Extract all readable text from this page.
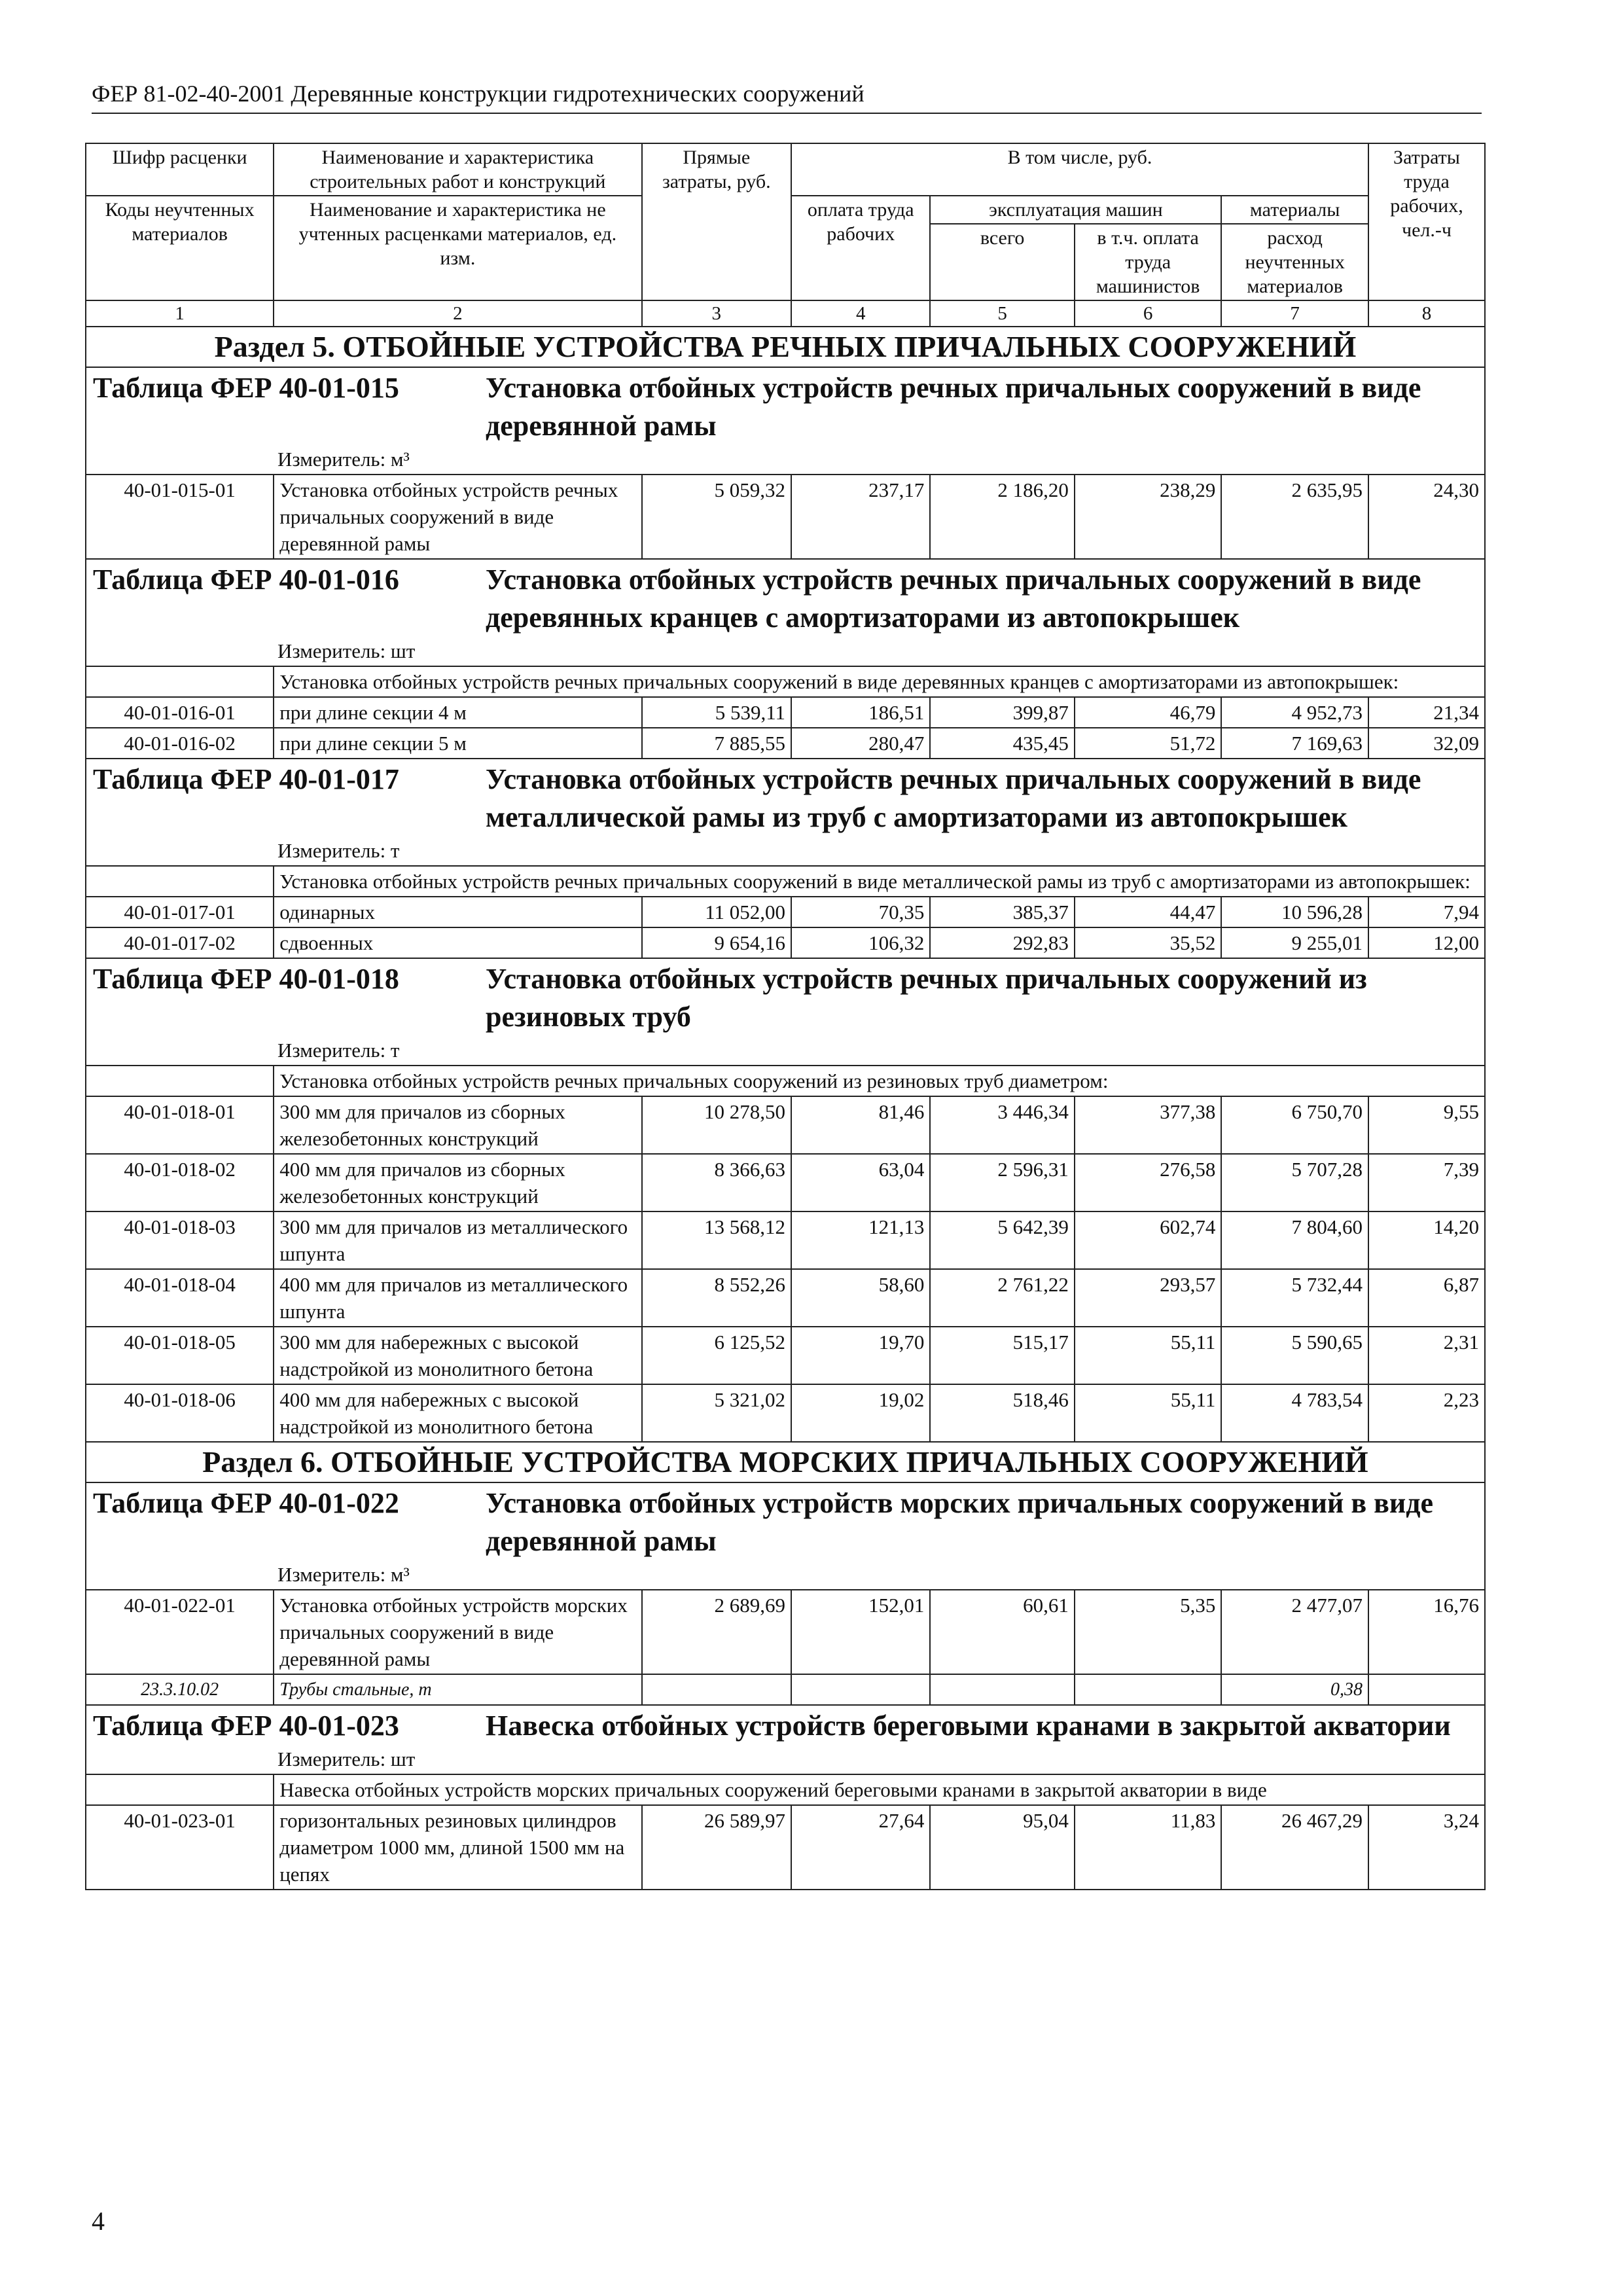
ФЕР 81-02-40-2001 Деревянные конструкции гидротехнических сооружений
Шифр расценки	Наименование и характеристика строительных работ и конструкций	Прямые затраты, руб.	В том числе, руб.				Затраты труда рабочих, чел.-ч
Коды неучтенных материалов	Наименование и характеристика не учтенных расценками материалов, ед. изм.		оплата труда рабочих	эксплуатация машин		материалы	
				всего	в т.ч. оплата труда машинистов	расход неучтенных материалов	
1	2	3	4	5	6	7	8
Раздел 5. ОТБОЙНЫЕ УСТРОЙСТВА РЕЧНЫХ ПРИЧАЛЬНЫХ СООРУЖЕНИЙ							

Таблица ФЕР 40-01-015 Установка отбойных устройств речных причальных сооружений в виде деревянной рамы							

Измеритель: м³							
40-01-015-01	Установка отбойных устройств речных причальных сооружений в виде деревянной рамы	5 059,32	237,17	2 186,20	238,29	2 635,95	24,30

Таблица ФЕР 40-01-016 Установка отбойных устройств речных причальных сооружений в виде деревянных кранцев с амортизаторами из автопокрышек							

Измеритель: шт							
	Установка отбойных устройств речных причальных сооружений в виде деревянных кранцев с амортизаторами из автопокрышек:						
40-01-016-01	при длине секции 4 м	5 539,11	186,51	399,87	46,79	4 952,73	21,34
40-01-016-02	при длине секции 5 м	7 885,55	280,47	435,45	51,72	7 169,63	32,09

Таблица ФЕР 40-01-017 Установка отбойных устройств речных причальных сооружений в виде металлической рамы из труб с амортизаторами из автопокрышек							

Измеритель: т							
	Установка отбойных устройств речных причальных сооружений в виде металлической рамы из труб с амортизаторами из автопокрышек:						
40-01-017-01	одинарных	11 052,00	70,35	385,37	44,47	10 596,28	7,94
40-01-017-02	сдвоенных	9 654,16	106,32	292,83	35,52	9 255,01	12,00

Таблица ФЕР 40-01-018 Установка отбойных устройств речных причальных сооружений из резиновых труб							

Измеритель: т							
	Установка отбойных устройств речных причальных сооружений из резиновых труб диаметром:						
40-01-018-01	300 мм для причалов из сборных железобетонных конструкций	10 278,50	81,46	3 446,34	377,38	6 750,70	9,55
40-01-018-02	400 мм для причалов из сборных железобетонных конструкций	8 366,63	63,04	2 596,31	276,58	5 707,28	7,39
40-01-018-03	300 мм для причалов из металлического шпунта	13 568,12	121,13	5 642,39	602,74	7 804,60	14,20
40-01-018-04	400 мм для причалов из металлического шпунта	8 552,26	58,60	2 761,22	293,57	5 732,44	6,87
40-01-018-05	300 мм для набережных с высокой надстройкой из монолитного бетона	6 125,52	19,70	515,17	55,11	5 590,65	2,31
40-01-018-06	400 мм для набережных с высокой надстройкой из монолитного бетона	5 321,02	19,02	518,46	55,11	4 783,54	2,23
Раздел 6. ОТБОЙНЫЕ УСТРОЙСТВА МОРСКИХ ПРИЧАЛЬНЫХ СООРУЖЕНИЙ							

Таблица ФЕР 40-01-022 Установка отбойных устройств морских причальных сооружений в виде деревянной рамы							

Измеритель: м³							
40-01-022-01	Установка отбойных устройств морских причальных сооружений в виде деревянной рамы	2 689,69	152,01	60,61	5,35	2 477,07	16,76
23.3.10.02	Трубы стальные, т					0,38	

Таблица ФЕР 40-01-023 Навеска отбойных устройств береговыми кранами в закрытой акватории							

Измеритель: шт							
	Навеска отбойных устройств морских причальных сооружений береговыми кранами в закрытой акватории в виде						
40-01-023-01	горизонтальных резиновых цилиндров диаметром 1000 мм, длиной 1500 мм на цепях	26 589,97	27,64	95,04	11,83	26 467,29	3,24
4
